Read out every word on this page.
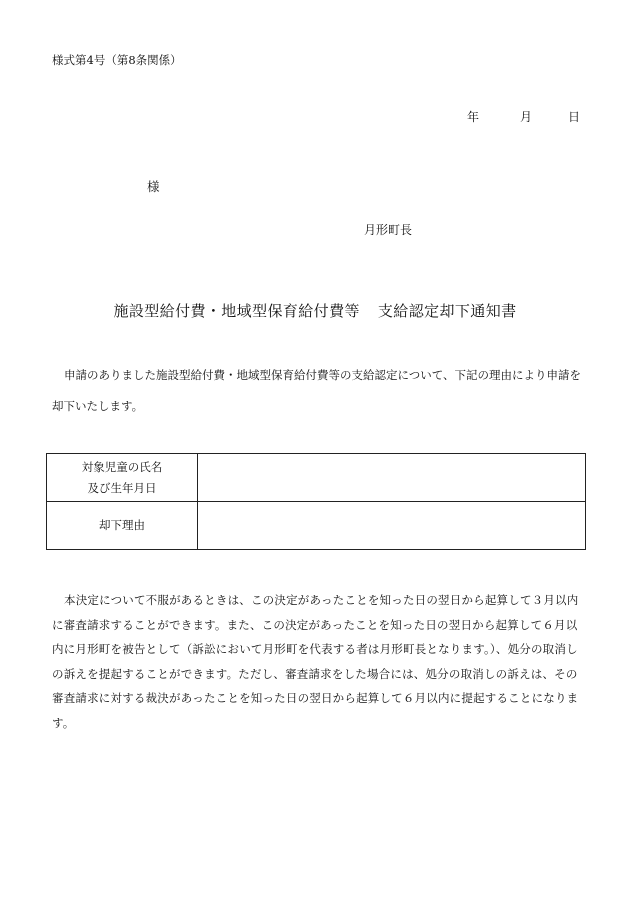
様式第4号（第8条関係）
年	月	日
様
月形町長
施設型給付費・地域型保育給付費等 支給認定却下通知書
申請のありました施設型給付費・地域型保育給付費等の支給認定について、下記の理由により申請を却下いたします。
対象児童の氏名
及び生年月日	

却下理由	
本決定について不服があるときは、この決定があったことを知った日の翌日から起算して３月以内に審査請求することができます。また、この決定があったことを知った日の翌日から起算して６月以内に月形町を被告として（訴訟において月形町を代表する者は月形町長となります。）、処分の取消しの訴えを提起することができます。ただし、審査請求をした場合には、処分の取消しの訴えは、その審査請求に対する裁決があったことを知った日の翌日から起算して６月以内に提起することになります。
